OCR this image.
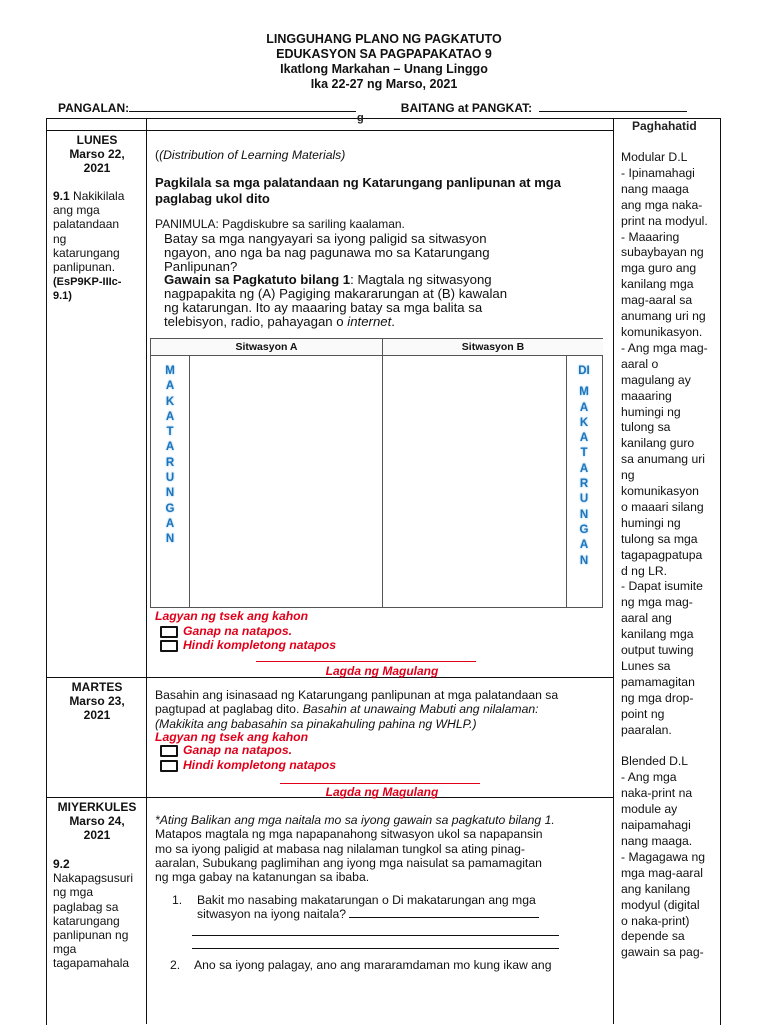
LINGGUHANG PLANO NG PAGKATUTO
EDUKASYON SA PAGPAPAKATAO 9
Ikatlong Markahan – Unang Linggo
Ika 22-27 ng Marso, 2021
PANGALAN:	BAITANG at PANGKAT:
g
Paghahatid
LUNES
Marso 22,
2021
9.1 Nakikilala
ang mga
palatandaan
ng
katarungang
panlipunan.
(EsP9KP-IIIc-
9.1)
((Distribution of Learning Materials)
Pagkilala sa mga palatandaan ng Katarungang panlipunan at mga
paglabag ukol dito
PANIMULA: Pagdiskubre sa sariling kaalaman.
Batay sa mga nangyayari sa iyong paligid sa sitwasyon
ngayon, ano nga ba nag pagunawa mo sa Katarungang
Panlipunan?
Gawain sa Pagkatuto bilang 1: Magtala ng sitwasyong
nagpapakita ng (A) Pagiging makararungan at (B) kawalan
ng katarungan. Ito ay maaaring batay sa mga balita sa
telebisyon, radio, pahayagan o internet.
Sitwasyon A	Sitwasyon B
M
A
K
A
T
A
R
U
N
G
A
N
DI
M
A
K
A
T
A
R
U
N
G
A
N
Lagyan ng tsek ang kahon
Ganap na natapos.
Hindi kompletong natapos
Lagda ng Magulang
MARTES
Marso 23,
2021
Basahin ang isinasaad ng Katarungang panlipunan at mga palatandaan sa
pagtupad at paglabag dito. Basahin at unawaing Mabuti ang nilalaman:
(Makikita ang babasahin sa pinakahuling pahina ng WHLP.)
Lagyan ng tsek ang kahon
Ganap na natapos.
Hindi kompletong natapos
Lagda ng Magulang
MIYERKULES
Marso 24,
2021
9.2
Nakapagsusuri
ng mga
paglabag sa
katarungang
panlipunan ng
mga
tagapamahala
*Ating Balikan ang mga naitala mo sa iyong gawain sa pagkatuto bilang 1.
Matapos magtala ng mga napapanahong sitwasyon ukol sa napapansin
mo sa iyong paligid at mabasa nag nilalaman tungkol sa ating pinag-
aaralan, Subukang paglimihan ang iyong mga naisulat sa pamamagitan
ng mga gabay na katanungan sa ibaba.
1. Bakit mo nasabing makatarungan o Di makatarungan ang mga
sitwasyon na iyong naitala?
2. Ano sa iyong palagay, ano ang mararamdaman mo kung ikaw ang
Modular D.L
- Ipinamahagi
nang maaga
ang mga naka-
print na modyul.
- Maaaring
subaybayan ng
mga guro ang
kanilang mga
mag-aaral sa
anumang uri ng
komunikasyon.
- Ang mga mag-
aaral o
magulang ay
maaaring
humingi ng
tulong sa
kanilang guro
sa anumang uri
ng
komunikasyon
o maaari silang
humingi ng
tulong sa mga
tagapagpatupa
d ng LR.
- Dapat isumite
ng mga mag-
aaral ang
kanilang mga
output tuwing
Lunes sa
pamamagitan
ng mga drop-
point ng
paaralan.

Blended D.L
- Ang mga
naka-print na
module ay
naipamahagi
nang maaga.
- Magagawa ng
mga mag-aaral
ang kanilang
modyul (digital
o naka-print)
depende sa
gawain sa pag-
